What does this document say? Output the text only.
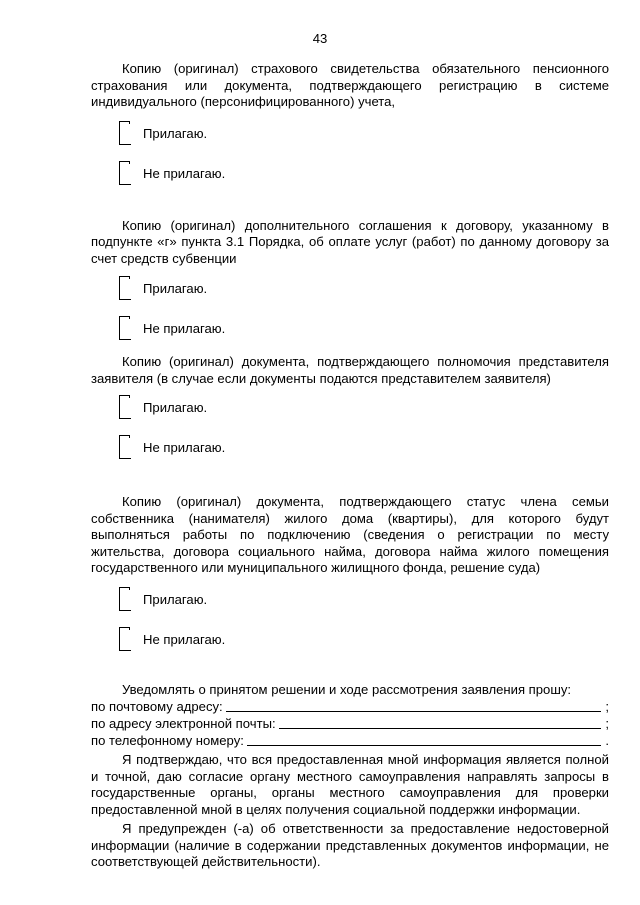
43

Копию (оригинал) страхового свидетельства обязательного пенсионного страхования или документа, подтверждающего регистрацию в системе индивидуального (персонифицированного) учета,

Прилагаю.
Не прилагаю.

Копию (оригинал) дополнительного соглашения к договору, указанному в подпункте «г» пункта 3.1 Порядка, об оплате услуг (работ) по данному договору за счет средств субвенции

Прилагаю.
Не прилагаю.

Копию (оригинал) документа, подтверждающего полномочия представителя заявителя (в случае если документы подаются представителем заявителя)

Прилагаю.
Не прилагаю.

Копию (оригинал) документа, подтверждающего статус члена семьи собственника (нанимателя) жилого дома (квартиры), для которого будут выполняться работы по подключению (сведения о регистрации по месту жительства, договора социального найма, договора найма жилого помещения государственного или муниципального жилищного фонда, решение суда)

Прилагаю.
Не прилагаю.

Уведомлять о принятом решении и ходе рассмотрения заявления прошу:

по почтовому адресу:	;
по адресу электронной почты:	;
по телефонному номеру:	.

Я подтверждаю, что вся предоставленная мной информация является полной и точной, даю согласие органу местного самоуправления направлять запросы в государственные органы, органы местного самоуправления для проверки предоставленной мной в целях получения социальной поддержки информации.

Я предупрежден (-а) об ответственности за предоставление недостоверной информации (наличие в содержании представленных документов информации, не соответствующей действительности).
